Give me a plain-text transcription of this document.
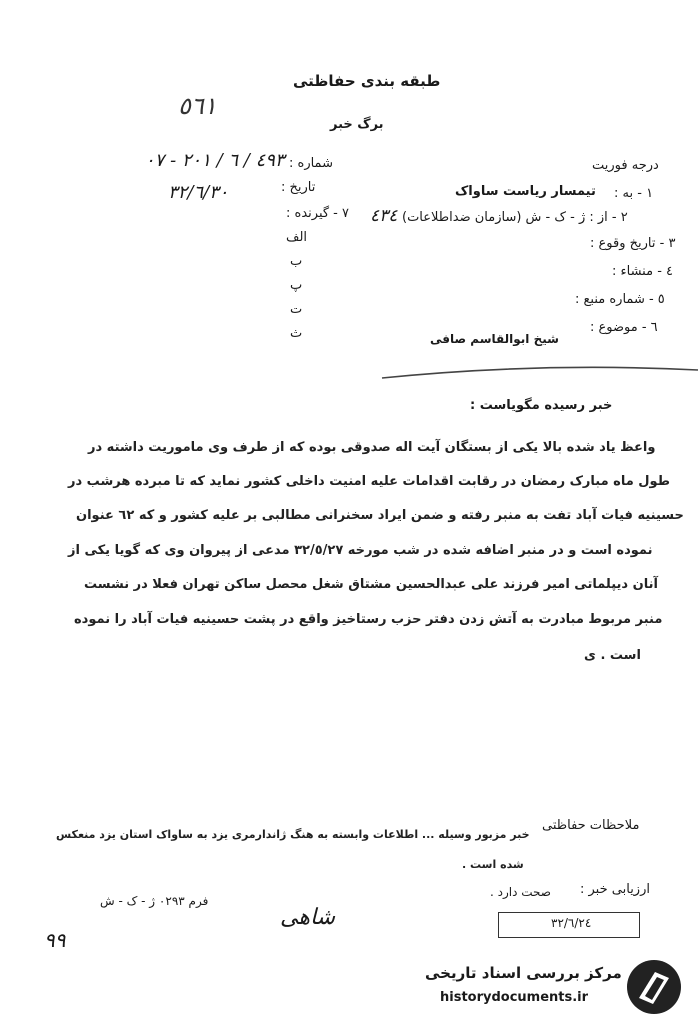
طبقه بندی حفاظتی
٥٦١
برگ خبر
درجه فوریت
شماره :
٤٩٣ / ٦ / ٢٠١ - ٠٧
تاریخ :
٣٢/٦/٣٠	١ - به :
تیمسار ریاست ساواک
٢ - از : ژ - ک - ش (سازمان ضداطلاعات)
٤٣٤
٧ - گیرنده :
الف
ب
پ
ت
ث
٣ - تاریخ وقوع :
٤ - منشاء :
٥ - شماره منبع :
٦ - موضوع :
شیخ ابوالقاسم صافی
خبر رسیده مگویاست :
واعظ یاد شده بالا یکی از بستگان آیت اله صدوقی بوده که از طرف وی ماموریت داشته در
طول ماه مبارک رمضان در رقابت اقدامات علیه امنیت داخلی کشور نماید که تا مبرده هرشب در
حسینیه فیات آباد تفت به منبر رفته و ضمن ایراد سخنرانی مطالبی بر علیه کشور و که ٦٢ عنوان
نموده است و در منبر اضافه شده در شب مورخه ٣٢/٥/٢٧ مدعی از پیروان وی که گویا یکی از
آنان دیپلماتی امیر فرزند علی عبدالحسین مشتاق شغل محصل ساکن تهران فعلا در نشست
منبر مربوط مبادرت به آتش زدن دفتر حزب رستاخیز واقع در پشت حسینیه فیات آباد را نموده
است . ی
ملاحظات حفاظتی
خبر مزبور وسیله ... اطلاعات وابسته به هنگ ژاندارمری یزد به ساواک استان یزد منعکس
شده است .
ارزیابی خبر :
صحت دارد .
فرم ٠٢٩٣ ژ - ک - ش
٣٢/٦/٢٤
شاهی
٩٩
مرکز بررسی اسناد تاریخی
historydocuments.ir
